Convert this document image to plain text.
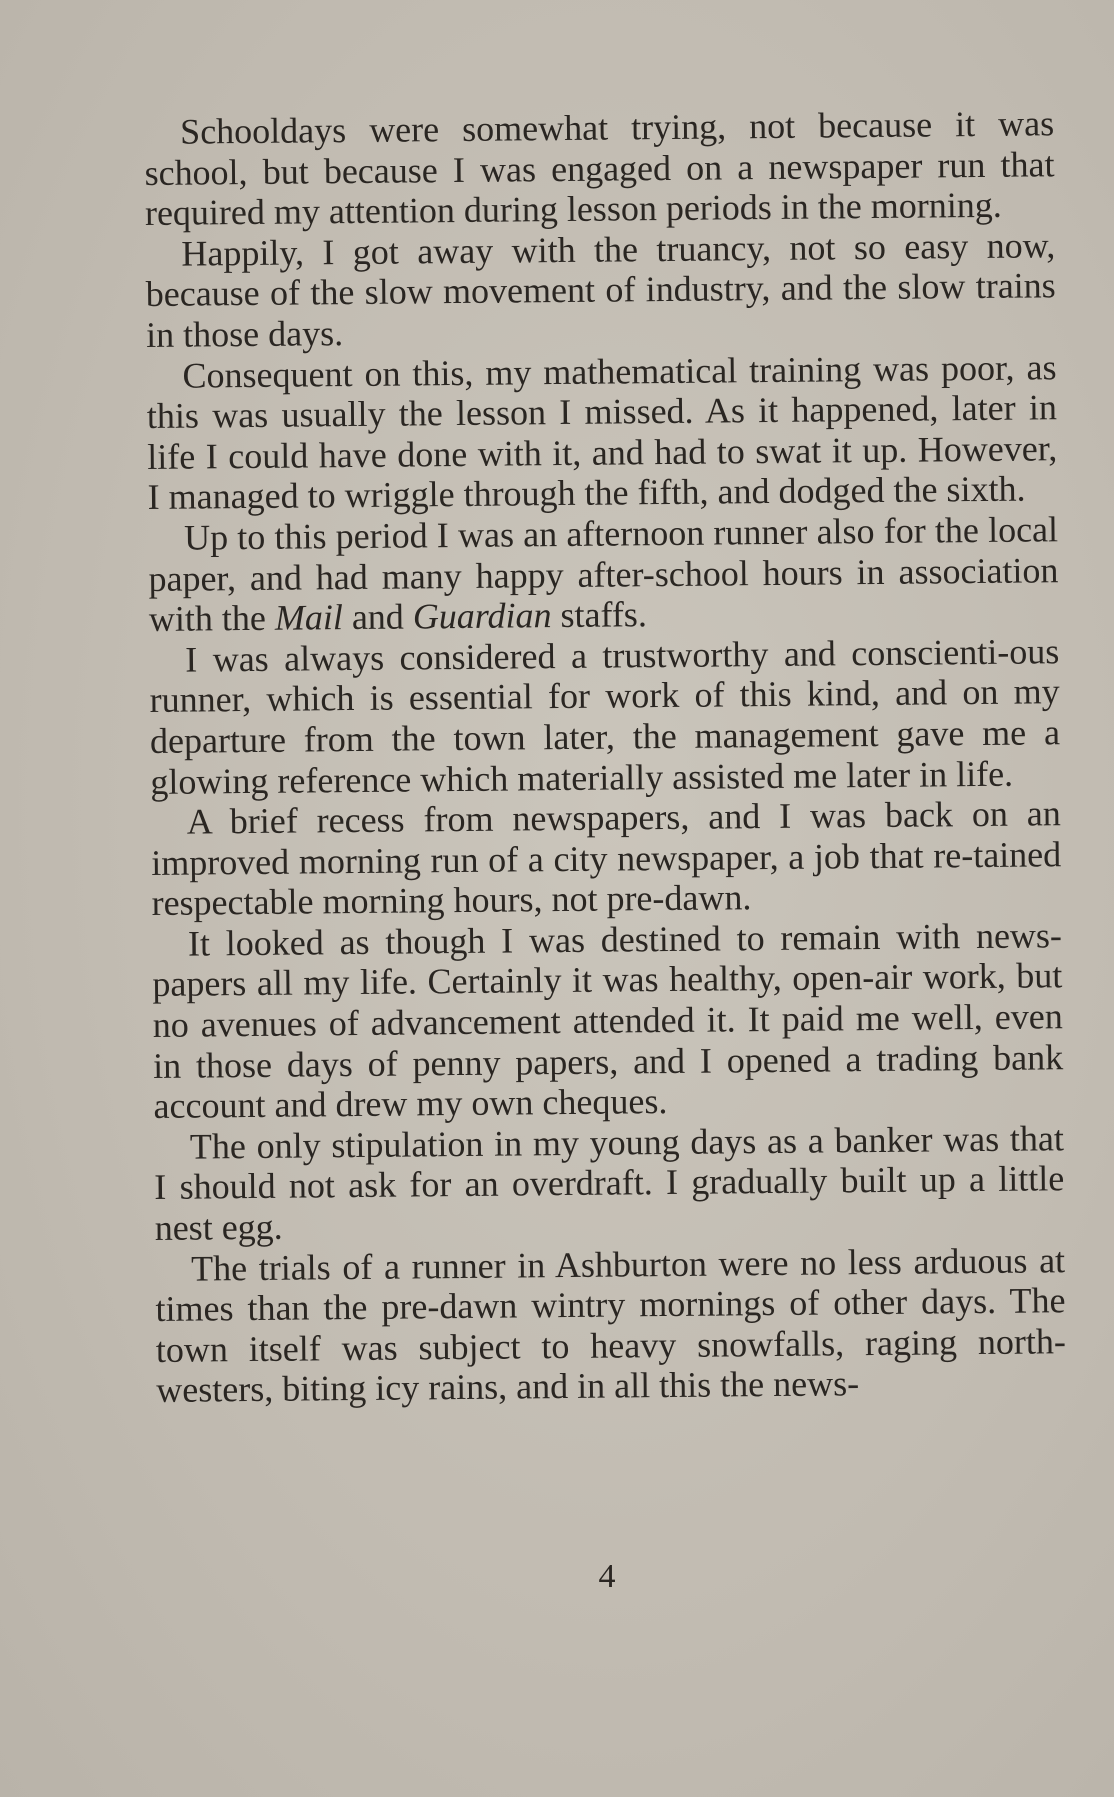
Schooldays were somewhat trying, not because it was school, but because I was engaged on a newspaper run that required my attention during lesson periods in the morning.

Happily, I got away with the truancy, not so easy now, because of the slow movement of industry, and the slow trains in those days.

Consequent on this, my mathematical training was poor, as this was usually the lesson I missed. As it happened, later in life I could have done with it, and had to swat it up. However, I managed to wriggle through the fifth, and dodged the sixth.

Up to this period I was an afternoon runner also for the local paper, and had many happy after-school hours in association with the Mail and Guardian staffs.

I was always considered a trustworthy and conscienti-ous runner, which is essential for work of this kind, and on my departure from the town later, the management gave me a glowing reference which materially assisted me later in life.

A brief recess from newspapers, and I was back on an improved morning run of a city newspaper, a job that re-tained respectable morning hours, not pre-dawn.

It looked as though I was destined to remain with news-papers all my life. Certainly it was healthy, open-air work, but no avenues of advancement attended it. It paid me well, even in those days of penny papers, and I opened a trading bank account and drew my own cheques.

The only stipulation in my young days as a banker was that I should not ask for an overdraft. I gradually built up a little nest egg.

The trials of a runner in Ashburton were no less arduous at times than the pre-dawn wintry mornings of other days. The town itself was subject to heavy snowfalls, raging north-westers, biting icy rains, and in all this the news-

4
